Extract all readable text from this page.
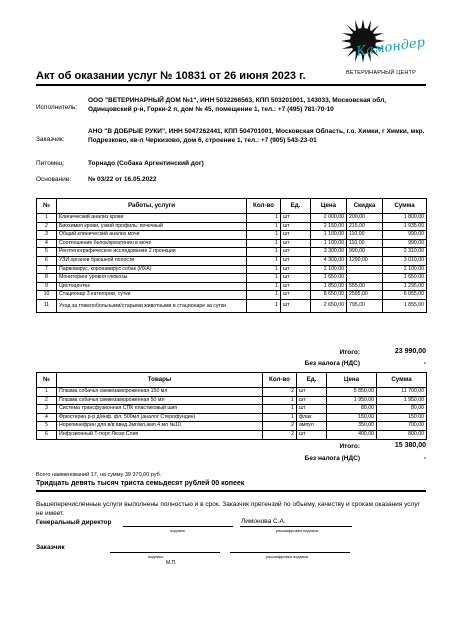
Камондер
ВЕТЕРИНАРНЫЙ ЦЕНТР
Акт об оказании услуг № 10831 от 26 июня 2023 г.
Исполнитель:
ООО "ВЕТЕРИНАРНЫЙ ДОМ №1", ИНН 5032266563, КПП 503201001, 143033, Московская обл, Одинцовский р-н, Горки-2 п, дом № 45, помещение 1, тел.: +7 (495) 781-70-10
Заказчик:
АНО "В ДОБРЫЕ РУКИ", ИНН 5047262441, КПП 504701001, Московская Область, г.о. Химки, г Химки, мкр. Подрезково, кв-л Черкизово, дом 6, строение 1, тел.: +7 (905) 543-23-01
Питомец:	Торнадо (Собака Аргентинский дог)
Основание:	№ 03/22 от 16.05.2022
№	Работы, услуги	Кол-во	Ед.	Цена	Скидка	Сумма
1	Клинический анализ крови	1	шт	2 000,00	200,00	1 800,00
2	Биохимия крови, узкий профиль: почечный	1	шт	2 150,00	215,00	1 935,00
3	Общий клинический анализ мочи	1	шт	1 100,00	110,00	990,00
4	Соотношение белок/креатинин в моче	1	шт	1 100,00	110,00	990,00
5	Рентгенографическое исследование 2 проекции	1	шт	3 300,00	990,00	2 310,00
6	УЗИ органов брюшной полости	1	шт	4 300,00	1290,00	3 010,00
7	Парвовирус, коронавирус собак (ИХА)	1	шт	2 100,00		2 100,00
8	Мониторинг уровня глюкозы	1	шт	1 650,00		1 650,00
9	Цистоцентез	1	шт	1 850,00	555,00	1 295,00
10	Стационар 3 категории, сутки	1	шт	8 650,00	2595,00	6 055,00
11	Уход за тяжелобольными/старыми животными в стационаре за сутки	1	шт	2 650,00	795,00	1 855,00
Итого:	23 990,00
Без налога (НДС)	-
№	Товары	Кол-во	Ед.	Цена	Сумма
1	Плазма собачья свежезамороженная 150 мл	2	шт	5 850,00	11 700,00
2	Плазма собачья свежезамороженная 50 мл	1	шт	1 950,00	1 950,00
3	Система трансфузионная СПК пластиковый шип	1	шт	80,00	80,00
4	Фрюстерин р-р д/инф. фл. 500мл (аналог Стерофундин)	1	флак	150,00	150,00
5	Норепинефрин для в/в введ.2мг/мл,амп.4 мл №10	2	ампул	350,00	700,00
6	Инфузионный Т-порт Люэр Слип	2	шт	400,00	800,00
Итого:	15 380,00
Без налога (НДС)	-
Всего наименований 17, на сумму 39 370,00 руб.
Тридцать девять тысяч триста семьдесят рублей 00 копеек
Вышеперечисленные услуги выполнены полностью и в срок. Заказчик претензий по объему, качеству и срокам оказания услуг не имеет.
Генеральный директор
подпись
Лимонова С.А.
расшифровка подписи
Заказчик
подпись	расшифровка подписи
М.П.
